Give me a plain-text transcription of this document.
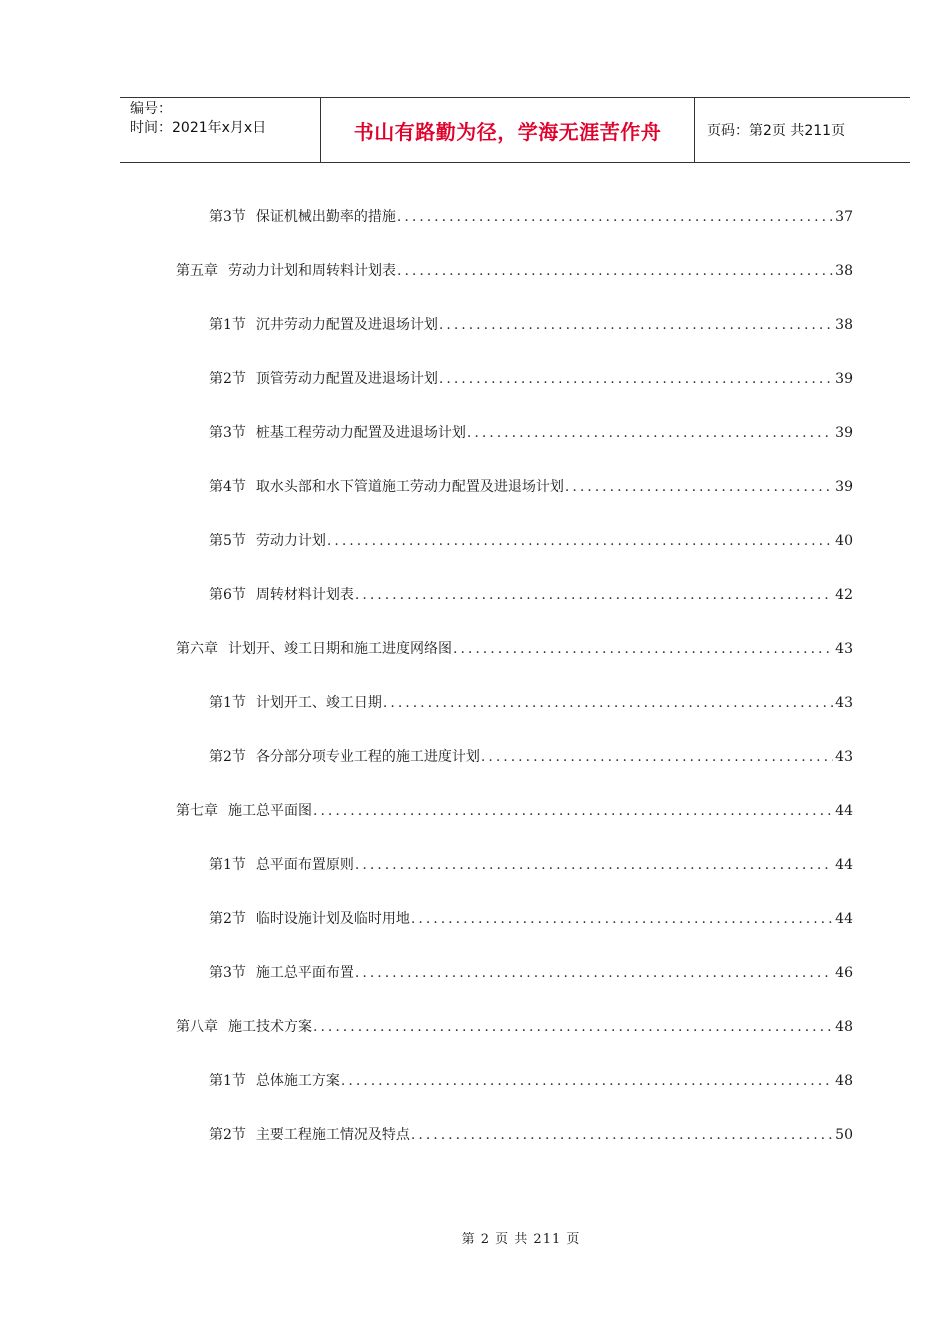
编号：
时间：2021年x月x日	书山有路勤为径，学海无涯苦作舟	页码：第2页 共211页
第3节 保证机械出勤率的措施 .....	37
第五章 劳动力计划和周转料计划表 .....	38
第1节 沉井劳动力配置及进退场计划 .....	38
第2节 顶管劳动力配置及进退场计划 .....	39
第3节 桩基工程劳动力配置及进退场计划 .....	39
第4节 取水头部和水下管道施工劳动力配置及进退场计划 .....	39
第5节 劳动力计划 .....	40
第6节 周转材料计划表 .....	42
第六章 计划开、竣工日期和施工进度网络图 .....	43
第1节 计划开工、竣工日期 .....	43
第2节 各分部分项专业工程的施工进度计划 .....	43
第七章 施工总平面图 .....	44
第1节 总平面布置原则 .....	44
第2节 临时设施计划及临时用地 .....	44
第3节 施工总平面布置 .....	46
第八章 施工技术方案 .....	48
第1节 总体施工方案 .....	48
第2节 主要工程施工情况及特点 .....	50
第 2 页 共 211 页
